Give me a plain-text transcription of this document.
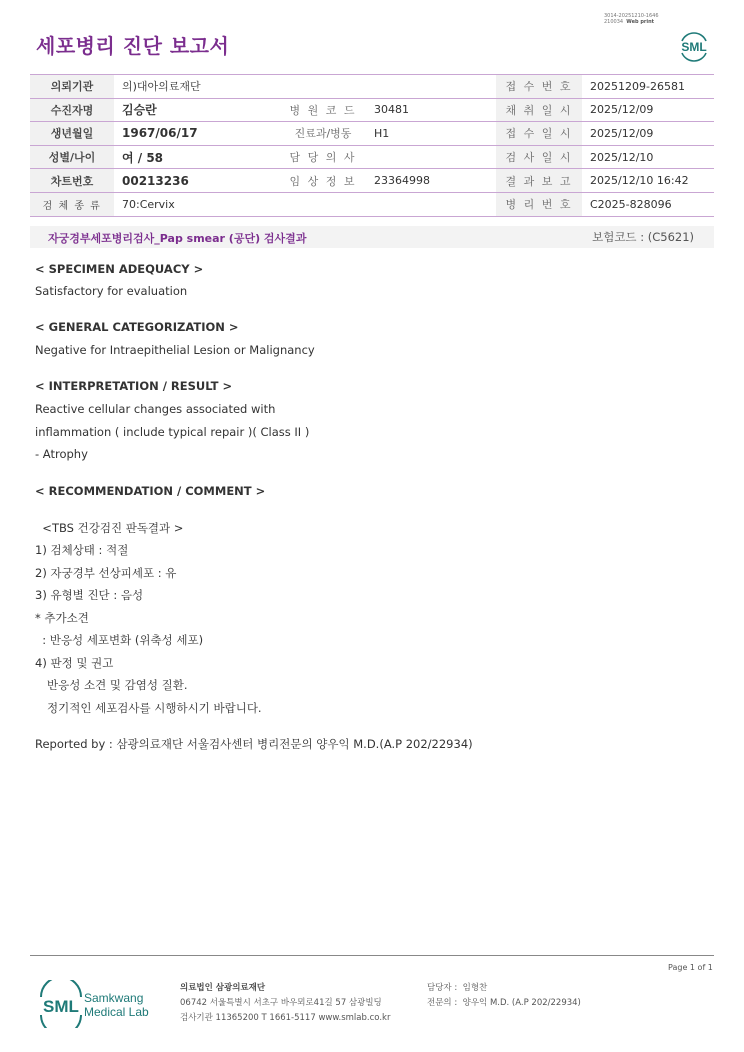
세포병리 진단 보고서
3014-20251210-1646
210034 Web print
SML
의뢰기관	의)대아의료재단			접 수 번 호	20251209-26581
수진자명	김승란	병 원 코 드	30481	채 취 일 시	2025/12/09
생년월일	1967/06/17	진료과/병동	H1	접 수 일 시	2025/12/09
성별/나이	여 / 58	담 당 의 사		검 사 일 시	2025/12/10
차트번호	00213236	임 상 정 보	23364998	결 과 보 고	2025/12/10 16:42
검 체 종 류	70:Cervix			병 리 번 호	C2025-828096
자궁경부세포병리검사_Pap smear (공단) 검사결과	보험코드 : (C5621)
< SPECIMEN ADEQUACY >
Satisfactory for evaluation
< GENERAL CATEGORIZATION >
Negative for Intraepithelial Lesion or Malignancy
< INTERPRETATION / RESULT >
Reactive cellular changes associated with
inflammation ( include typical repair )( Class II )
- Atrophy
< RECOMMENDATION / COMMENT >
<TBS 건강검진 판독결과 >
1) 검체상태 : 적절
2) 자궁경부 선상피세포 : 유
3) 유형별 진단 : 음성
* 추가소견
: 반응성 세포변화 (위축성 세포)
4) 판정 및 권고
반응성 소견 및 감염성 질환.
정기적인 세포검사를 시행하시기 바랍니다.
Reported by : 삼광의료재단 서울검사센터 병리전문의 양우익 M.D.(A.P 202/22934)
Page 1 of 1
SML Samkwang
Medical Lab
의료법인 삼광의료재단
06742 서울특별시 서초구 바우뫼로41길 57 삼광빌딩
검사기관 11365200 T 1661-5117 www.smlab.co.kr
담당자 :  임형찬
전문의 :  양우익 M.D. (A.P 202/22934)
